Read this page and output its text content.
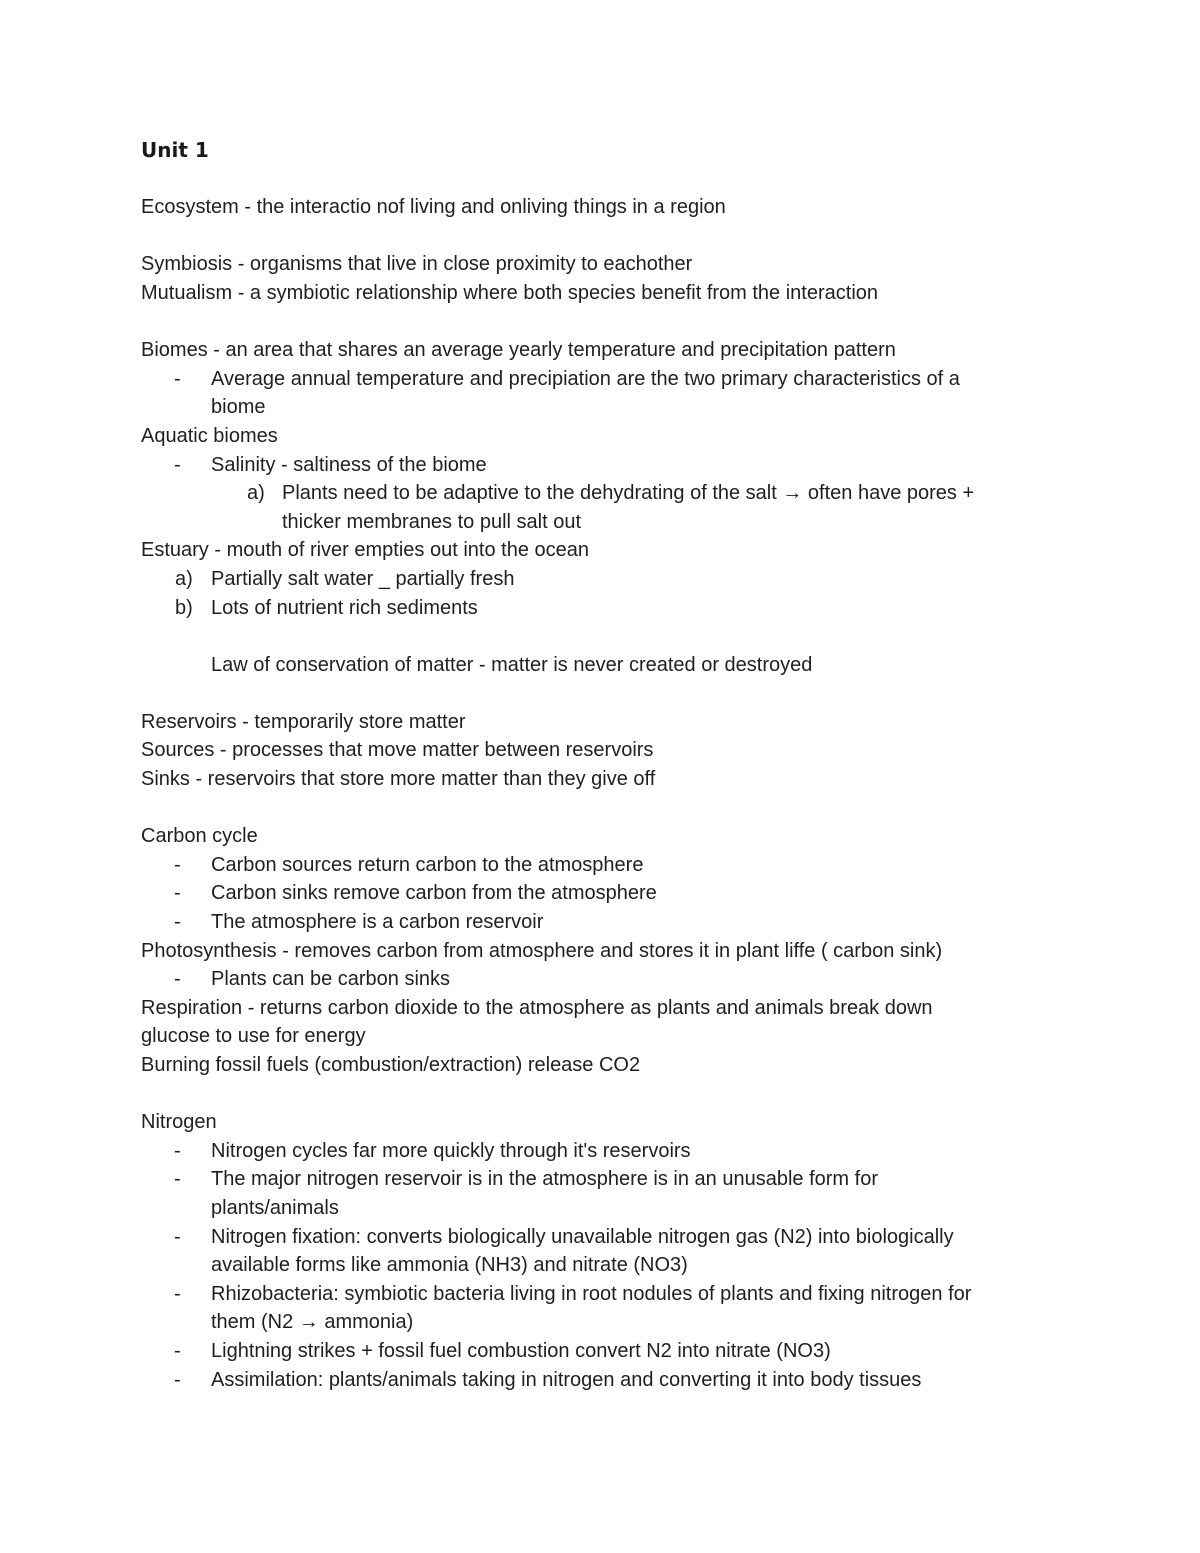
Unit 1
Ecosystem - the interactio nof living and onliving things in a region
Symbiosis - organisms that live in close proximity to eachother
Mutualism - a symbiotic relationship where both species benefit from the interaction
Biomes - an area that shares an average yearly temperature and precipitation pattern
- Average annual temperature and precipiation are the two primary characteristics of a
biome
Aquatic biomes
- Salinity - saltiness of the biome
a) Plants need to be adaptive to the dehydrating of the salt → often have pores +
thicker membranes to pull salt out
Estuary - mouth of river empties out into the ocean
a) Partially salt water _ partially fresh
b) Lots of nutrient rich sediments
Law of conservation of matter - matter is never created or destroyed
Reservoirs - temporarily store matter
Sources - processes that move matter between reservoirs
Sinks - reservoirs that store more matter than they give off
Carbon cycle
- Carbon sources return carbon to the atmosphere
- Carbon sinks remove carbon from the atmosphere
- The atmosphere is a carbon reservoir
Photosynthesis - removes carbon from atmosphere and stores it in plant liffe ( carbon sink)
- Plants can be carbon sinks
Respiration - returns carbon dioxide to the atmosphere as plants and animals break down
glucose to use for energy
Burning fossil fuels (combustion/extraction) release CO2
Nitrogen
- Nitrogen cycles far more quickly through it's reservoirs
- The major nitrogen reservoir is in the atmosphere is in an unusable form for
plants/animals
- Nitrogen fixation: converts biologically unavailable nitrogen gas (N2) into biologically
available forms like ammonia (NH3) and nitrate (NO3)
- Rhizobacteria: symbiotic bacteria living in root nodules of plants and fixing nitrogen for
them (N2 → ammonia)
- Lightning strikes + fossil fuel combustion convert N2 into nitrate (NO3)
- Assimilation: plants/animals taking in nitrogen and converting it into body tissues
